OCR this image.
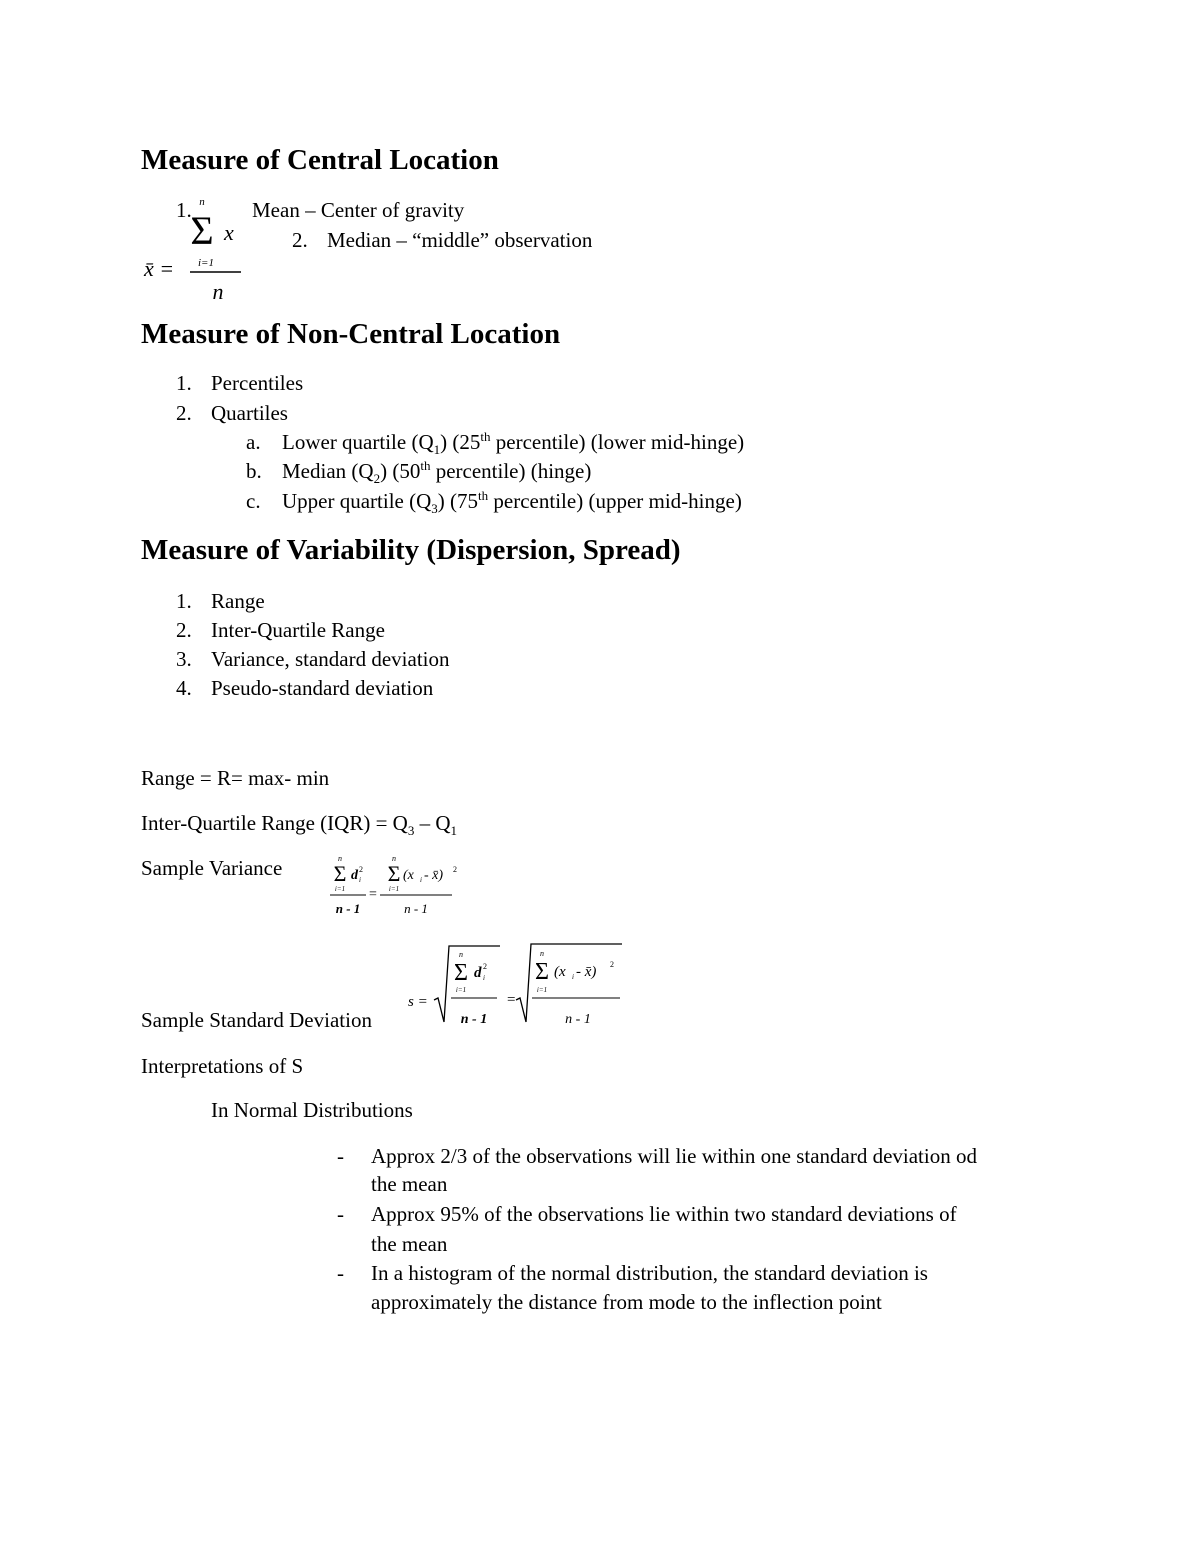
Measure of Central Location
1.	Mean – Center of gravity
2. Median – “middle” observation
n
Σ x
i=1
x̄ =
n
Measure of Non-Central Location
1. Percentiles
2. Quartiles
a. Lower quartile $(Q_1)$ (25th percentile) (lower mid-hinge)
b. Median $(Q_2)$ (50th percentile) (hinge)
c. Upper quartile $(Q_3)$ (75th percentile) (upper mid-hinge)
Measure of Variability (Dispersion, Spread)
1. Range
2. Inter-Quartile Range
3. Variance, standard deviation
4. Pseudo-standard deviation
Range = R= max- min
Inter-Quartile Range $(IQR) = Q_3 - Q_1$
Sample Variance	n	n
Σ Σ
d i
2	(x i - x̄) 2
i=1	i=1
=
n - 1	n - 1
s =
n
Σ d i
2
i=1
n - 1
=
n
Σ (x i - x̄) 2
i=1
n - 1
Sample Standard Deviation
Interpretations of S
In Normal Distributions
- Approx 2/3 of the observations will lie within one standard deviation od
the mean
- Approx 95% of the observations lie within two standard deviations of
the mean
- In a histogram of the normal distribution, the standard deviation is
approximately the distance from mode to the inflection point
